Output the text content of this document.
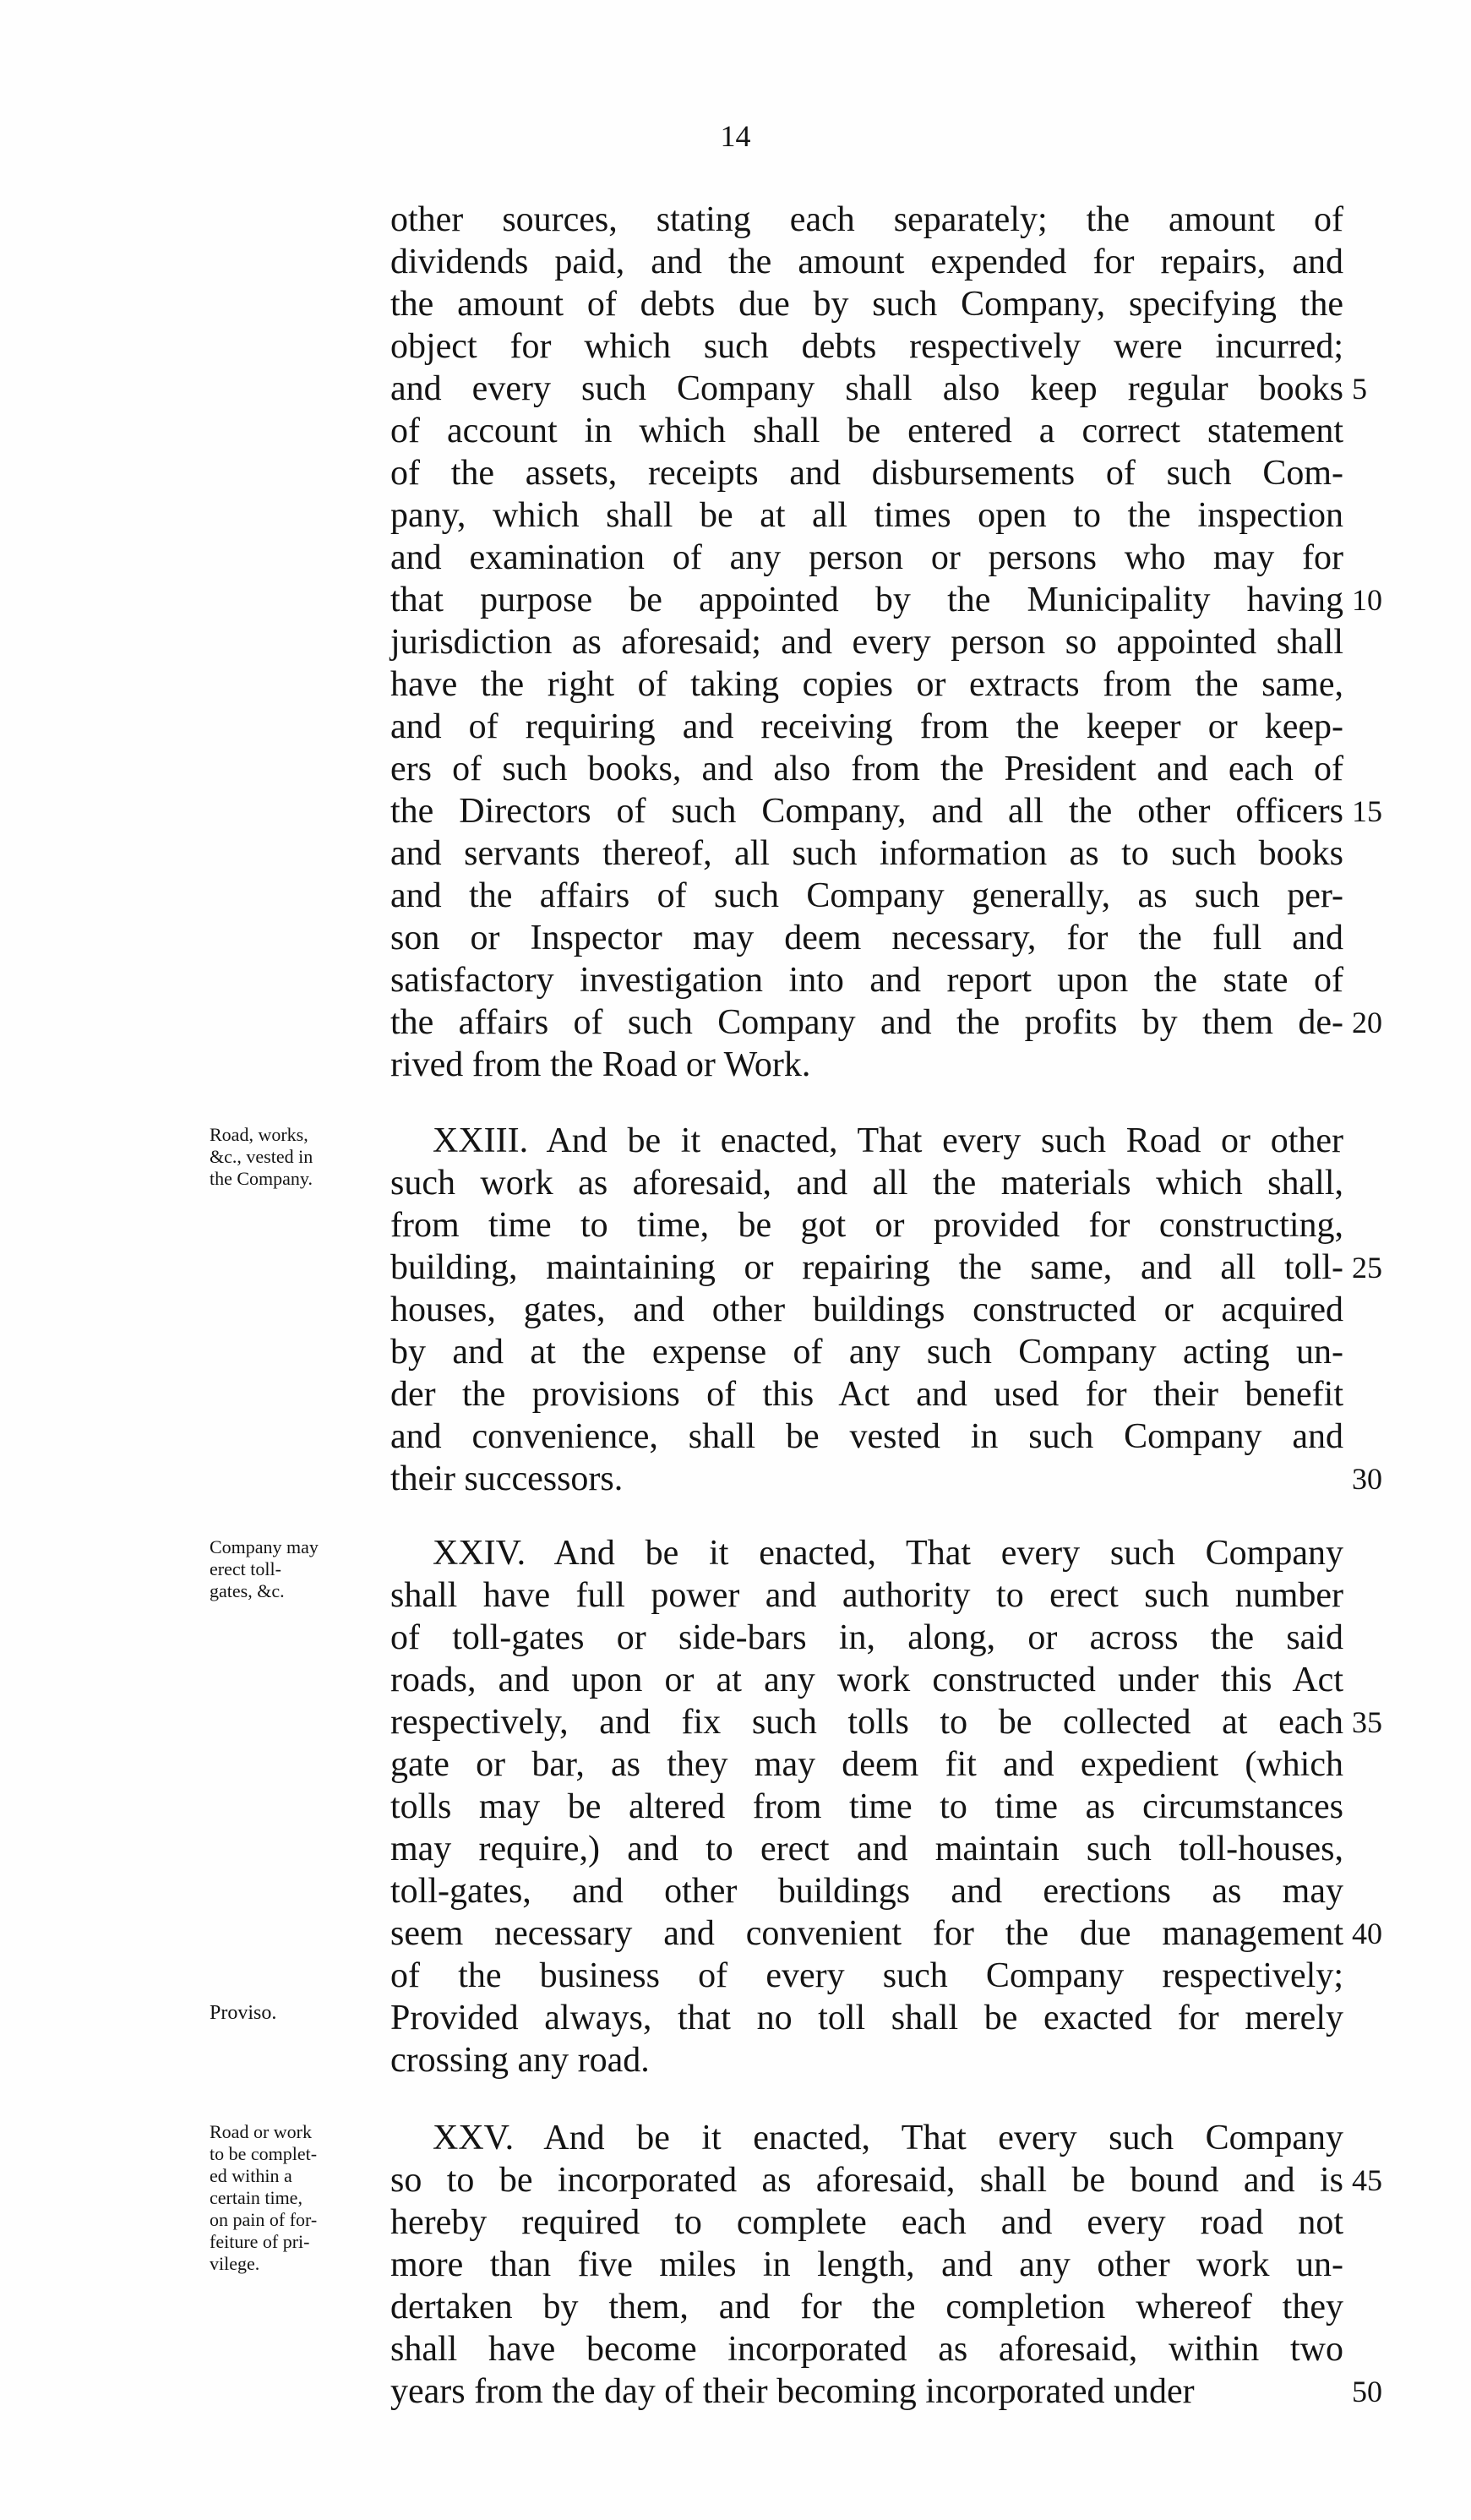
14
other sources, stating each separately; the amount of
dividends paid, and the amount expended for repairs, and
the amount of debts due by such Company, specifying the
object for which such debts respectively were incurred;
and every such Company shall also keep regular books 5
of account in which shall be entered a correct statement
of the assets, receipts and disbursements of such Com-
pany, which shall be at all times open to the inspection
and examination of any person or persons who may for
that purpose be appointed by the Municipality having 10
jurisdiction as aforesaid; and every person so appointed shall
have the right of taking copies or extracts from the same,
and of requiring and receiving from the keeper or keep-
ers of such books, and also from the President and each of
the Directors of such Company, and all the other officers 15
and servants thereof, all such information as to such books
and the affairs of such Company generally, as such per-
son or Inspector may deem necessary, for the full and
satisfactory investigation into and report upon the state of
the affairs of such Company and the profits by them de- 20
rived from the Road or Work.
XXIII. And be it enacted, That every such Road or other
such work as aforesaid, and all the materials which shall,
from time to time, be got or provided for constructing,
building, maintaining or repairing the same, and all toll- 25
houses, gates, and other buildings constructed or acquired
by and at the expense of any such Company acting un-
der the provisions of this Act and used for their benefit
and convenience, shall be vested in such Company and
their successors.	30
XXIV. And be it enacted, That every such Company
shall have full power and authority to erect such number
of toll-gates or side-bars in, along, or across the said
roads, and upon or at any work constructed under this Act
respectively, and fix such tolls to be collected at each 35
gate or bar, as they may deem fit and expedient (which
tolls may be altered from time to time as circumstances
may require,) and to erect and maintain such toll-houses,
toll-gates, and other buildings and erections as may
seem necessary and convenient for the due management 40
of the business of every such Company respectively;
Provided always, that no toll shall be exacted for merely
crossing any road.
XXV. And be it enacted, That every such Company
so to be incorporated as aforesaid, shall be bound and is 45
hereby required to complete each and every road not
more than five miles in length, and any other work un-
dertaken by them, and for the completion whereof they
shall have become incorporated as aforesaid, within two
years from the day of their becoming incorporated under	50
Road, works,
&c., vested in
the Company.
Company may
erect toll-
gates, &c.
Proviso.
Road or work
to be complet-
ed within a
certain time,
on pain of for-
feiture of pri-
vilege.
